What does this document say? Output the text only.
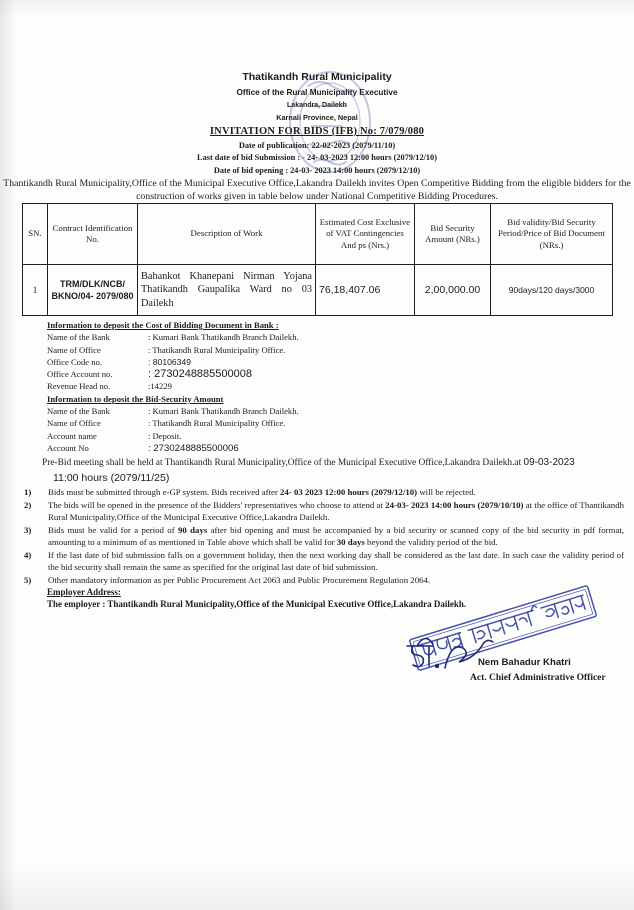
Thatikandh Rural Municipality
Office of the Rural Municipality Executive
Lakandra, Dailekh
Karnali Province, Nepal
INVITATION FOR BIDS (IFB) No: 7/079/080
Date of publication: 22-02-2023 (2079/11/10)
Last date of bid Submission : - 24- 03-2023 12:00 hours (2079/12/10)
Date of bid opening : 24-03- 2023 14:00 hours (2079/12/10)
Thantikandh Rural Municipality,Office of the Municipal Executive Office,Lakandra Dailekh invites Open Competitive Bidding from the eligible bidders for the construction of works given in table below under National Competitive Bidding Procedures.
SN.	Contract Identification No.	Description of Work	Estimated Cost Exclusive of VAT Contingencies And ps (Nrs.)	Bid Security Amount (NRs.)	Bid validity/Bid Security Period/Price of Bid Document (NRs.)
1	TRM/DLK/NCB/ BKNO/04- 2079/080	Bahankot Khanepani Nirman Yojana Thatikandh Gaupalika Ward no 03 Dailekh	76,18,407.06	2,00,000.00	90days/120 days/3000
Information to deposit the Cost of Bidding Document in Bank :
Name of the Bank	: Kumari Bank Thatikandh Branch Dailekh.
Name of Office	: Thatikandh Rural Municipality Office.
Office Code no.	: 80106349
Office Account no.	: 2730248885500008
Revenue Head no.	:14229
Information to deposit the Bid-Security Amount
Name of the Bank	: Kumari Bank Thatikandh Branch Dailekh.
Name of Office	: Thatikandh Rural Municipality Office.
Account name	: Deposit.
Account No	: 2730248885500006
Pre-Bid meeting shall be held at Thantikandh Rural Municipality,Office of the Municipal Executive Office,Lakandra Dailekh.at 09-03-2023
11:00 hours (2079/11/25)
1)	Bids must be submitted through e-GP system. Bids received after 24- 03 2023 12:00 hours (2079/12/10) will be rejected.
2)	The bids will be opened in the presence of the Bidders' representatives who choose to attend at 24-03- 2023 14:00 hours (2079/10/10) at the office of Thantikandh Rural Municipality,Office of the Municipal Executive Office,Lakandra Dailekh.
3)	Bids must be valid for a period of 90 days after bid opening and must be accompanied by a bid security or scanned copy of the bid security in pdf format, amounting to a minimum of as mentioned in Table above which shall be valid for 30 days beyond the validity period of the bid.
4)	If the last date of bid submission falls on a government holiday, then the next working day shall be considered as the last date. In such case the validity period of the bid security shall remain the same as specified for the original last date of bid submission.
5)	Other mandatory information as per Public Procurement Act 2063 and Public Procurement Regulation 2064.
Employer Address:
The employer : Thantikandh Rural Municipality,Office of the Municipal Executive Office,Lakandra Dailekh.
Nem Bahadur Khatri
Act. Chief Administrative Officer
